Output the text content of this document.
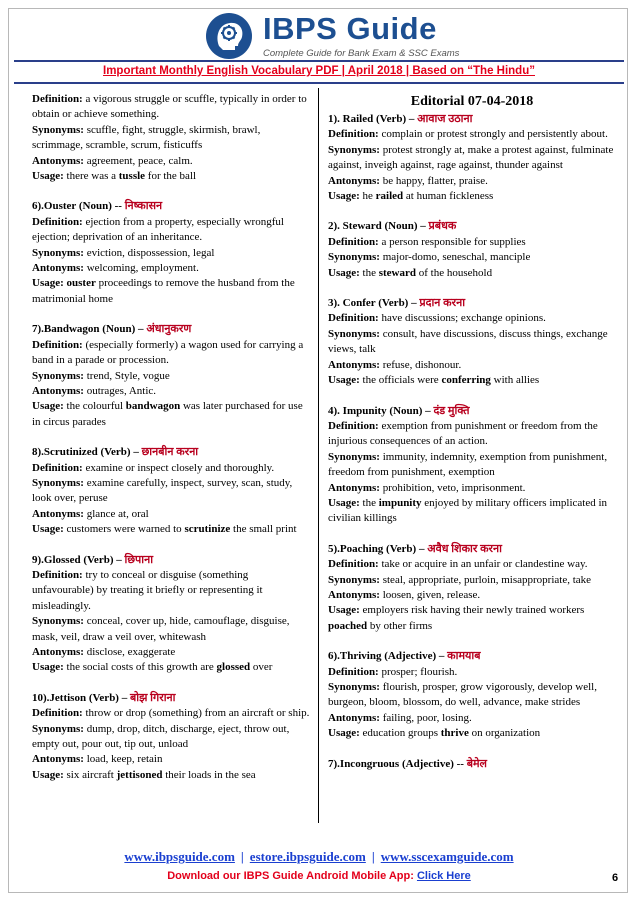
IBPS Guide
Complete Guide for Bank Exam & SSC Exams
Important Monthly English Vocabulary PDF | April 2018 | Based on “The Hindu”

Definition: a vigorous struggle or scuffle, typically in order to obtain or achieve something.

Synonyms: scuffle, fight, struggle, skirmish, brawl, scrimmage, scramble, scrum, fisticuffs

Antonyms: agreement, peace, calm.

Usage: there was a tussle for the ball

6).Ouster (Noun) -- निष्कासन

Definition: ejection from a property, especially wrongful ejection; deprivation of an inheritance.

Synonyms: eviction, dispossession, legal

Antonyms: welcoming, employment.

Usage: ouster proceedings to remove the husband from the matrimonial home

7).Bandwagon (Noun) – अंधानुकरण

Definition: (especially formerly) a wagon used for carrying a band in a parade or procession.

Synonyms: trend, Style, vogue

Antonyms: outrages, Antic.

Usage: the colourful bandwagon was later purchased for use in circus parades

8).Scrutinized (Verb) – छानबीन करना

Definition: examine or inspect closely and thoroughly.

Synonyms: examine carefully, inspect, survey, scan, study, look over, peruse

Antonyms: glance at, oral

Usage: customers were warned to scrutinize the small print

9).Glossed (Verb) – छिपाना

Definition: try to conceal or disguise (something unfavourable) by treating it briefly or representing it misleadingly.

Synonyms: conceal, cover up, hide, camouflage, disguise, mask, veil, draw a veil over, whitewash

Antonyms: disclose, exaggerate

Usage: the social costs of this growth are glossed over

10).Jettison (Verb) – बोझ गिराना

Definition: throw or drop (something) from an aircraft or ship.

Synonyms: dump, drop, ditch, discharge, eject, throw out, empty out, pour out, tip out, unload

Antonyms: load, keep, retain

Usage: six aircraft jettisoned their loads in the sea

Editorial 07-04-2018

1). Railed (Verb) – आवाज उठाना

Definition: complain or protest strongly and persistently about.

Synonyms: protest strongly at, make a protest against, fulminate against, inveigh against, rage against, thunder against

Antonyms: be happy, flatter, praise.

Usage: he railed at human fickleness

2). Steward (Noun) – प्रबंधक

Definition: a person responsible for supplies

Synonyms: major-domo, seneschal, manciple

Usage: the steward of the household

3). Confer (Verb) – प्रदान करना

Definition: have discussions; exchange opinions.

Synonyms: consult, have discussions, discuss things, exchange views, talk

Antonyms: refuse, dishonour.

Usage: the officials were conferring with allies

4). Impunity (Noun) – दंड मुक्ति

Definition: exemption from punishment or freedom from the injurious consequences of an action.

Synonyms: immunity, indemnity, exemption from punishment, freedom from punishment, exemption

Antonyms: prohibition, veto, imprisonment.

Usage: the impunity enjoyed by military officers implicated in civilian killings

5).Poaching (Verb) – अवैध शिकार करना

Definition: take or acquire in an unfair or clandestine way.

Synonyms: steal, appropriate, purloin, misappropriate, take

Antonyms: loosen, given, release.

Usage: employers risk having their newly trained workers poached by other firms

6).Thriving (Adjective) – कामयाब

Definition: prosper; flourish.

Synonyms: flourish, prosper, grow vigorously, develop well, burgeon, bloom, blossom, do well, advance, make strides

Antonyms: failing, poor, losing.

Usage: education groups thrive on organization

7).Incongruous (Adjective) -- बेमेल

www.ibpsguide.com | estore.ibpsguide.com | www.sscexamguide.com
Download our IBPS Guide Android Mobile App: Click Here	6
